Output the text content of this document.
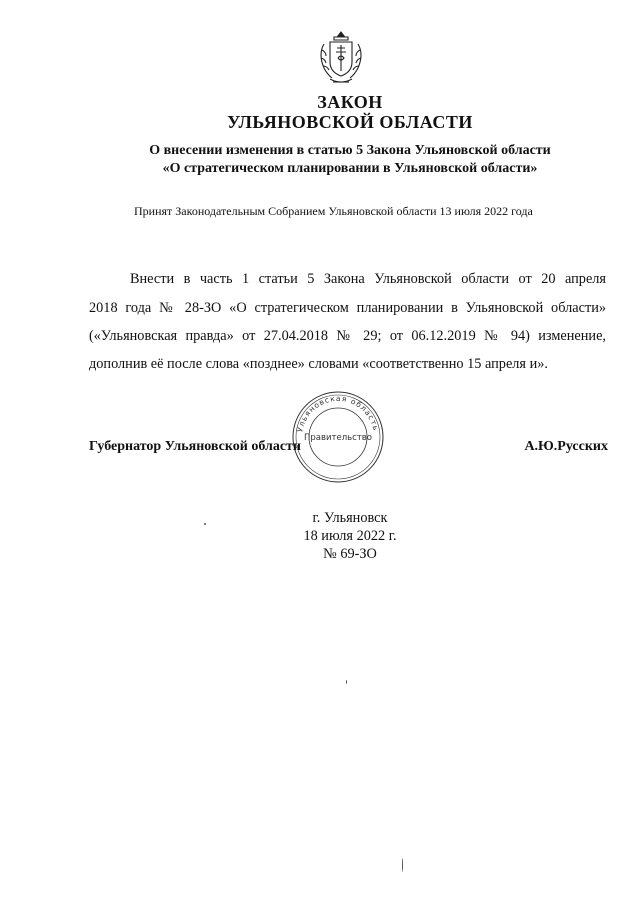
ЗАКОН

УЛЬЯНОВСКОЙ ОБЛАСТИ

О внесении изменения в статью 5 Закона Ульяновской области

«О стратегическом планировании в Ульяновской области»

Принят Законодательным Собранием Ульяновской области 13 июля 2022 года

Внести в часть 1 статьи 5 Закона Ульяновской области от 20 апреля

2018 года № 28-ЗО «О стратегическом планировании в Ульяновской области»

(«Ульяновская правда» от 27.04.2018 № 29; от 06.12.2019 № 94) изменение,

дополнив её после слова «позднее» словами «соответственно 15 апреля и».

Ульяновская область
Правительство

Губернатор Ульяновской области	А.Ю.Русских

г. Ульяновск

18 июля 2022 г.

№ 69-ЗО
